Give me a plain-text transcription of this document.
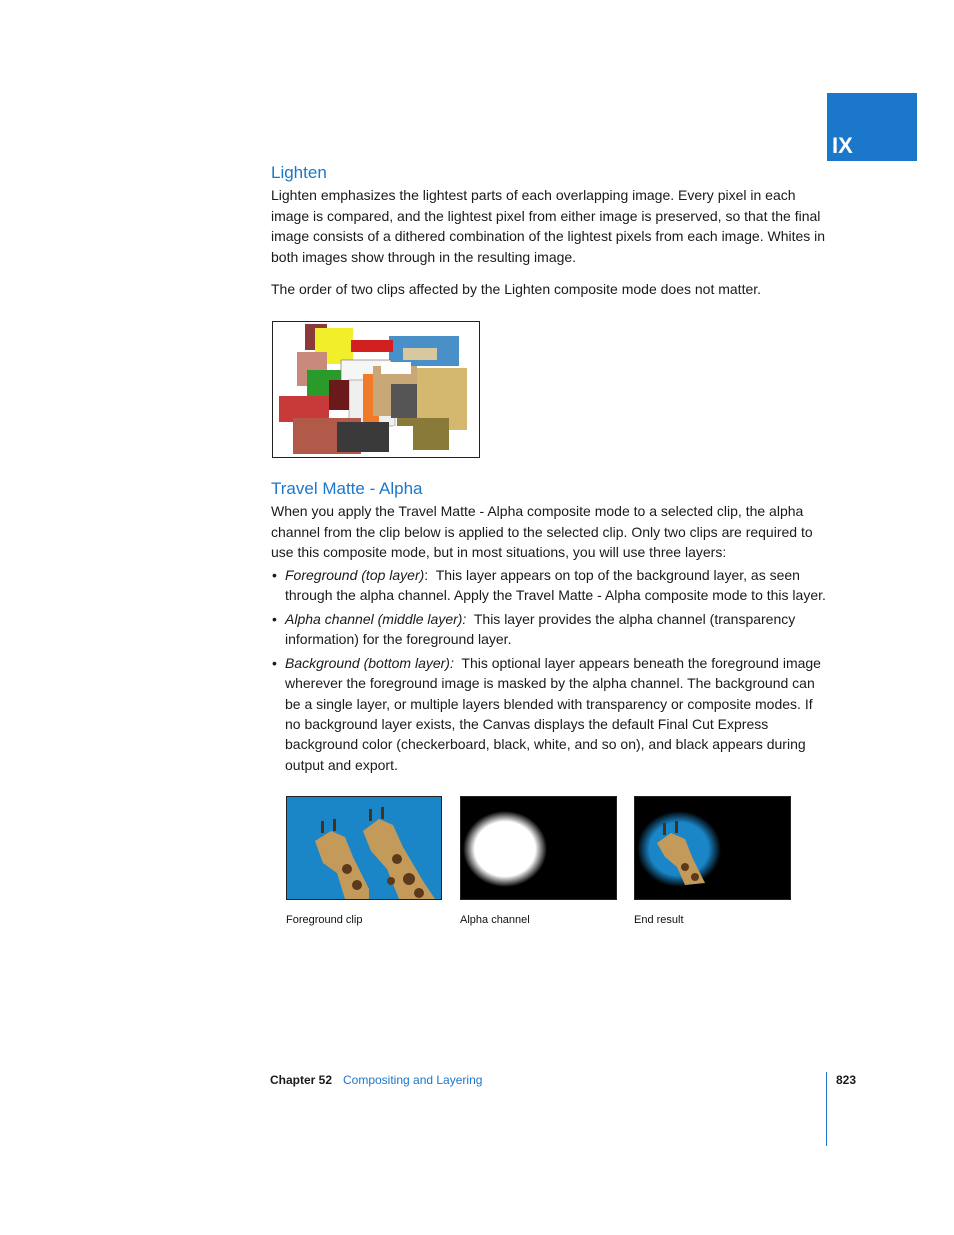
IX
Lighten

Lighten emphasizes the lightest parts of each overlapping image. Every pixel in each image is compared, and the lightest pixel from either image is preserved, so that the final image consists of a dithered combination of the lightest pixels from each image. Whites in both images show through in the resulting image.

The order of two clips affected by the Lighten composite mode does not matter.

Travel Matte - Alpha

When you apply the Travel Matte - Alpha composite mode to a selected clip, the alpha channel from the clip below is applied to the selected clip. Only two clips are required to use this composite mode, but in most situations, you will use three layers:

• Foreground (top layer): This layer appears on top of the background layer, as seen through the alpha channel. Apply the Travel Matte - Alpha composite mode to this layer.
• Alpha channel (middle layer): This layer provides the alpha channel (transparency information) for the foreground layer.
• Background (bottom layer): This optional layer appears beneath the foreground image wherever the foreground image is masked by the alpha channel. The background can be a single layer, or multiple layers blended with transparency or composite modes. If no background layer exists, the Canvas displays the default Final Cut Express background color (checkerboard, black, white, and so on), and black appears during output and export.
Foreground clip	Alpha channel	End result
Chapter 52 Compositing and Layering	823
